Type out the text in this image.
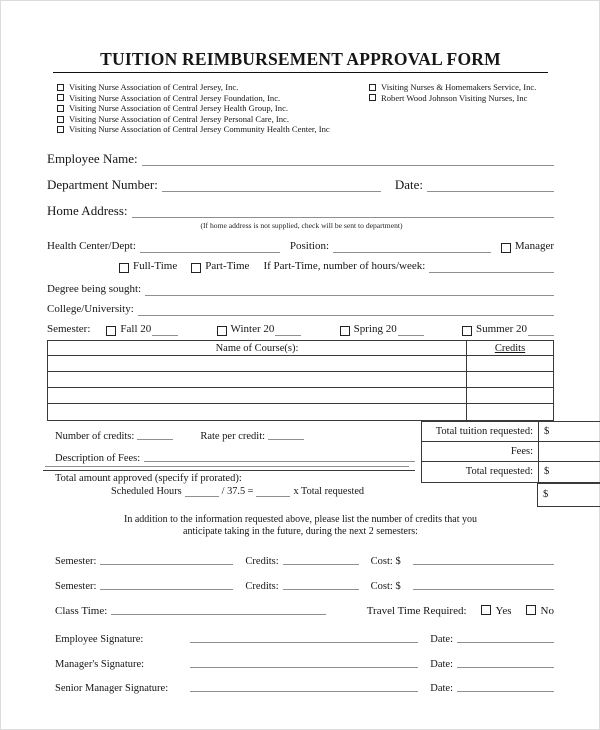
TUITION REIMBURSEMENT APPROVAL FORM
Visiting Nurse Association of Central Jersey, Inc.
Visiting Nurse Association of Central Jersey Foundation, Inc.
Visiting Nurse Association of Central Jersey Health Group, Inc.
Visiting Nurse Association of Central Jersey Personal Care, Inc.
Visiting Nurse Association of Central Jersey Community Health Center, Inc
Visiting Nurses & Homemakers Service, Inc.
Robert Wood Johnson Visiting Nurses, Inc
Employee Name:
Department Number:	Date:
Home Address:
(If home address is not supplied, check will be sent to department)
Health Center/Dept:	Position:	Manager
Full-Time	Part-Time If Part-Time, number of hours/week:
Degree being sought:
College/University:
Semester:	Fall 20	Winter 20	Spring 20	Summer 20
Name of Course(s):	Credits
Number of credits:	Rate per credit:
Description of Fees:
Total amount approved (specify if prorated):
Scheduled Hours	/ 37.5 =	x Total requested
Total tuition requested:	$
Fees:
Total requested:	$
$
In addition to the information requested above, please list the number of credits that you
anticipate taking in the future, during the next 2 semesters:
Semester:	Credits:	Cost: $
Semester:	Credits:	Cost: $
Class Time:	Travel Time Required:	Yes	No
Employee Signature:	Date:
Manager's Signature:	Date:
Senior Manager Signature:	Date:
